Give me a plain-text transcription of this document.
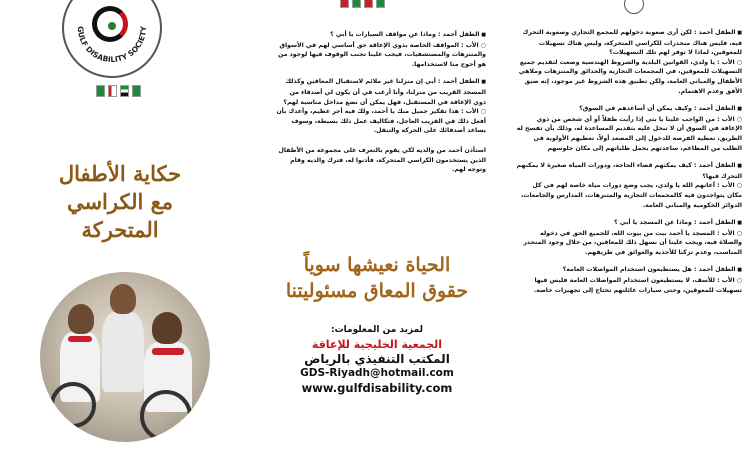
GULF DISABILITY SOCIETY
حكاية الأطفال
مع الكراسي المتحركة

■ الطفل أحمد : وماذا عن مواقف السيارات يا أبي ؟

○ الأب : المواقف الخاصة بذوي الإعاقة حق أساسي لهم في الأسواق والمتنزهات والمستشفيات، فيجب علينا تجنب الوقوف فيها لوجود من هو أحوج منا لاستخدامها.

■ الطفل أحمد : أبي إن منزلنا غير ملائم لاستقبال المعاقين وكذلك المسجد القريب من منزلنا، وأنا أرغب في أن يكون لي أصدقاء من ذوي الإعاقة في المستقبل، فهل يمكن أن نضع مداخل مناسبة لهم؟

○ الأب : هذا تفكير جميل منك يا أحمد، ولك فيه أجر عظيم، وأعدك بأن أفعل ذلك في القريب العاجل، فتكاليف عمل ذلك بسيطة، وسوف يساعد أصدقائك على الحركة والتنقل.

استأذن أحمد من والديه لكي يقوم بالتعرف على مجموعة من الأطفال الذين يستخدمون الكراسي المتحركة، فأذنوا له، فترك والديه وقام وتوجه لهم.

الحياة نعيشها سوياً
حقوق المعاق مسئوليتنا
لمزيد من المعلومات:
الجمعية الخليجية للإعاقة
المكتب التنفيذي بالرياض
GDS-Riyadh@hotmail.com
www.gulfdisability.com

■ الطفل أحمد : لكن أرى صعوبة دخولهم للمجمع التجاري وصعوبة التحرك فيه، فليس هناك منحدرات للكراسي المتحركة، وليس هناك تسهيلات للمعوقين، لماذا لا توفر لهم تلك التسهيلات؟

○ الأب : يا ولدي، القوانين البلدية والشروط الهندسية وضعت لتقديم جميع التسهيلات للمعوقين، في المجمعات التجارية والحدائق والمتنزهات وملاهي الأطفال والمباني العامة، ولكن تطبيق هذه الشروط غير موجود، إنه ضيق الأفق وعدم الاهتمام.

■ الطفل أحمد : وكيف يمكن أن أساعدهم في السوق؟

○ الأب : من الواجب علينا يا بني إذا رأيت طفلاً أو أي شخص من ذوي الإعاقة في السوق أن لا تبخل عليه بتقديم المساعدة له، وذلك بأن تفسح له الطريق، تعطيه الفرصة للدخول إلى المصعد أولاً، تعطيهم الأولوية في الطلب من المطاعم، ساعدتهم بحمل طلباتهم إلى مكان جلوسهم

■ الطفل أحمد : كيف يمكنهم قضاء الحاجة، ودورات المياه صغيرة لا يمكنهم التحرك فيها؟

○ الأب : أعانهم الله يا ولدي، يجب وضع دورات مياه خاصة لهم في كل مكان يتواجدون فيه كالمجمعات التجارية والمتنزهات، المدارس والجامعات، الدوائر الحكومية والمباني العامة.

■ الطفل أحمد : وماذا عن المسجد يا أبي ؟

○ الأب : المسجد يا أحمد بيت من بيوت الله، للجميع الحق في دخوله والصلاة فيه، ويجب علينا أن نسهل ذلك للمعاقين، من خلال وجود المنحدر المناسب، وعدم تركنا للأحذية والعوائق في طريقهم.

■ الطفل أحمد : هل يستطيعون استخدام المواصلات العامة؟

○ الأب : للأسف، لا يستطيعون استخدام المواصلات العامة فليس فيها تسهيلات للمعوقين، وحتى سيارات عائلتهم تحتاج إلى تجهيزات خاصة.
